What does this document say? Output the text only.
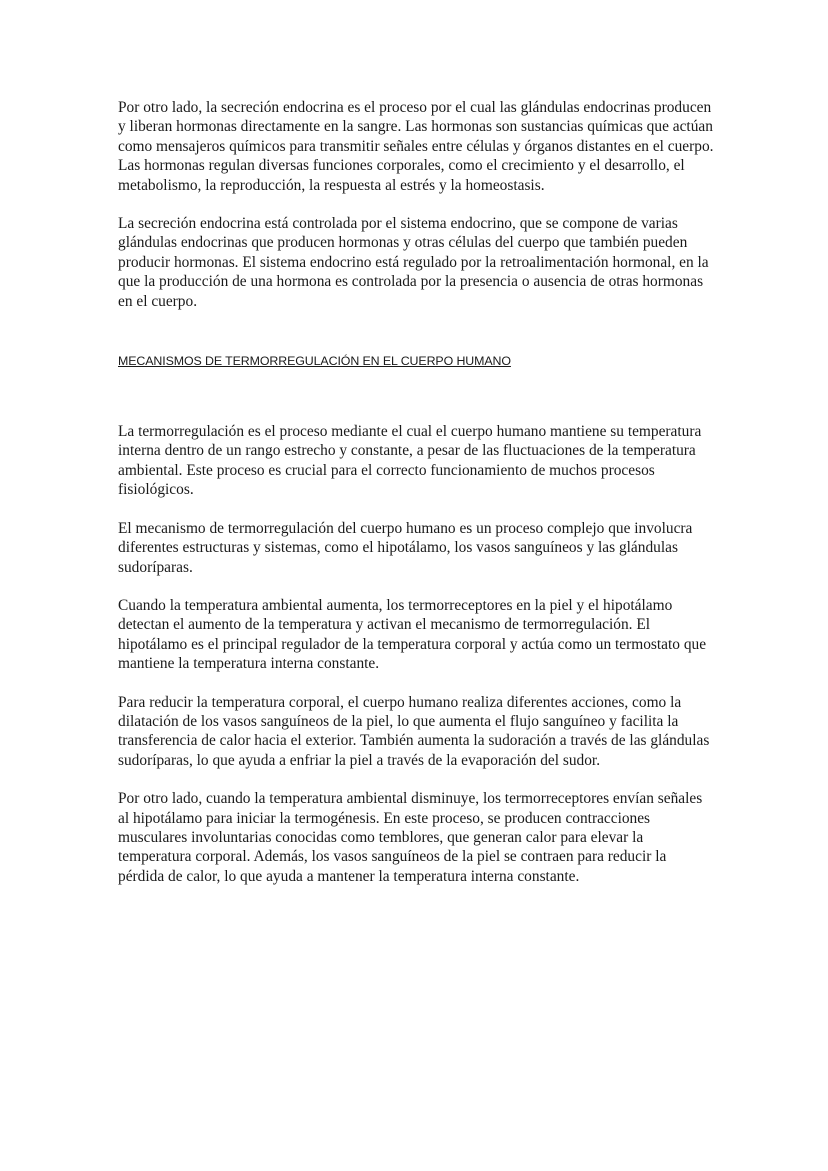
Por otro lado, la secreción endocrina es el proceso por el cual las glándulas endocrinas producen y liberan hormonas directamente en la sangre. Las hormonas son sustancias químicas que actúan como mensajeros químicos para transmitir señales entre células y órganos distantes en el cuerpo. Las hormonas regulan diversas funciones corporales, como el crecimiento y el desarrollo, el metabolismo, la reproducción, la respuesta al estrés y la homeostasis.

La secreción endocrina está controlada por el sistema endocrino, que se compone de varias glándulas endocrinas que producen hormonas y otras células del cuerpo que también pueden producir hormonas. El sistema endocrino está regulado por la retroalimentación hormonal, en la que la producción de una hormona es controlada por la presencia o ausencia de otras hormonas en el cuerpo.

MECANISMOS DE TERMORREGULACIÓN EN EL CUERPO HUMANO

La termorregulación es el proceso mediante el cual el cuerpo humano mantiene su temperatura interna dentro de un rango estrecho y constante, a pesar de las fluctuaciones de la temperatura ambiental. Este proceso es crucial para el correcto funcionamiento de muchos procesos fisiológicos.

El mecanismo de termorregulación del cuerpo humano es un proceso complejo que involucra diferentes estructuras y sistemas, como el hipotálamo, los vasos sanguíneos y las glándulas sudoríparas.

Cuando la temperatura ambiental aumenta, los termorreceptores en la piel y el hipotálamo detectan el aumento de la temperatura y activan el mecanismo de termorregulación. El hipotálamo es el principal regulador de la temperatura corporal y actúa como un termostato que mantiene la temperatura interna constante.

Para reducir la temperatura corporal, el cuerpo humano realiza diferentes acciones, como la dilatación de los vasos sanguíneos de la piel, lo que aumenta el flujo sanguíneo y facilita la transferencia de calor hacia el exterior. También aumenta la sudoración a través de las glándulas sudoríparas, lo que ayuda a enfriar la piel a través de la evaporación del sudor.

Por otro lado, cuando la temperatura ambiental disminuye, los termorreceptores envían señales al hipotálamo para iniciar la termogénesis. En este proceso, se producen contracciones musculares involuntarias conocidas como temblores, que generan calor para elevar la temperatura corporal. Además, los vasos sanguíneos de la piel se contraen para reducir la pérdida de calor, lo que ayuda a mantener la temperatura interna constante.
